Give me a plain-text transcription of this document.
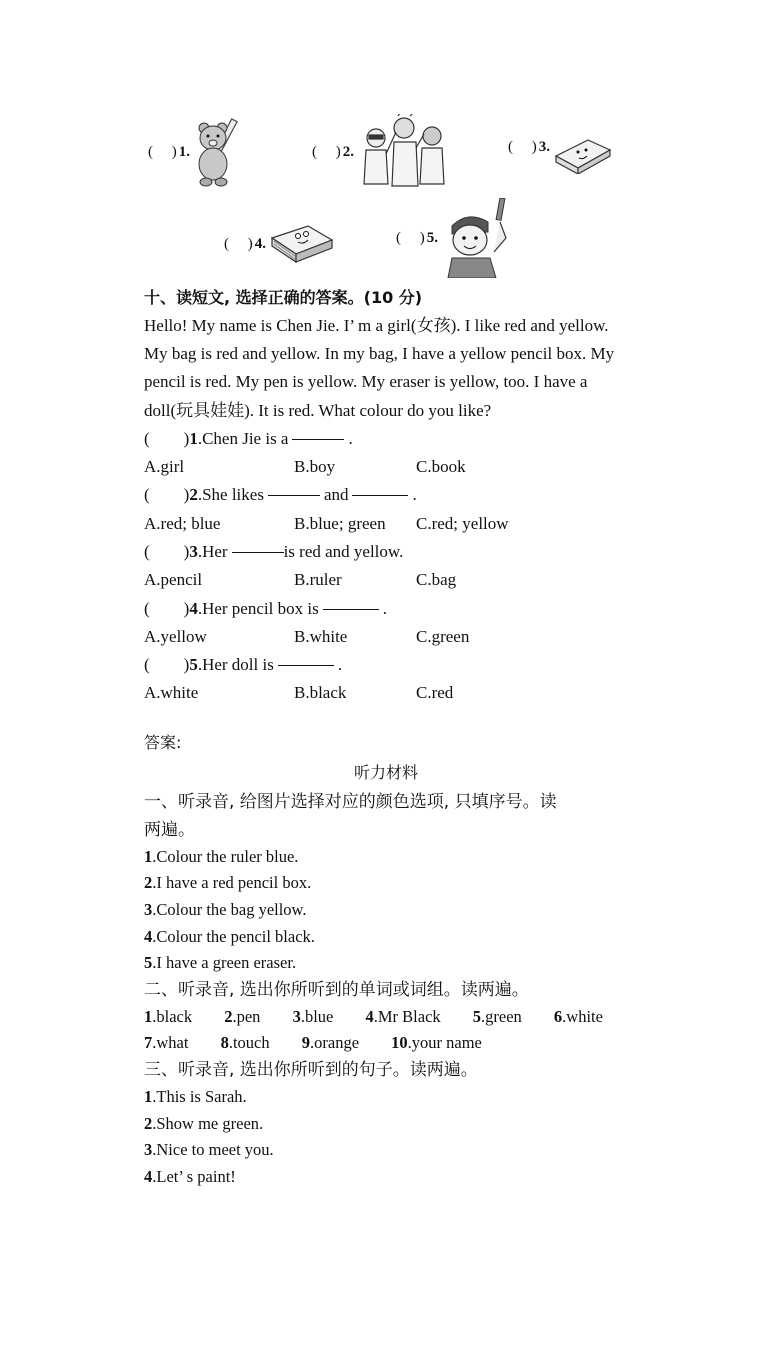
(     ) 1.	(     ) 2.	(     ) 3.
(     ) 4.	(     ) 5.
十、读短文, 选择正确的答案。(10 分)
Hello! My name is Chen Jie. I’ m a girl(女孩). I like red and yellow. My bag is red and yellow. In my bag, I have a yellow pencil box. My pencil is red. My pen is yellow. My eraser is yellow, too. I have a doll(玩具娃娃). It is red. What colour do you like?
(        ) 1 .Chen Jie is a	.
A.girl	B.boy	C.book
(        ) 2 .She likes	and	.
A.red; blue	B.blue; green	C.red; yellow
(        ) 3 .Her	is red and yellow.
A.pencil	B.ruler	C.bag
(        ) 4 .Her pencil box is	.
A.yellow	B.white	C.green
(        ) 5 .Her doll is	.
A.white	B.black	C.red
答案:
听力材料
一、听录音, 给图片选择对应的颜色选项, 只填序号。读
两遍。
1.Colour the ruler blue.
2.I have a red pencil box.
3.Colour the bag yellow.
4.Colour the pencil black.
5.I have a green eraser.
二、听录音, 选出你所听到的单词或词组。读两遍。
1.black 2.pen 3.blue 4.Mr Black 5.green 6.white
7.what 8.touch 9.orange 10.your name
三、听录音, 选出你所听到的句子。读两遍。
1.This is Sarah.
2.Show me green.
3.Nice to meet you.
4.Let’ s paint!
